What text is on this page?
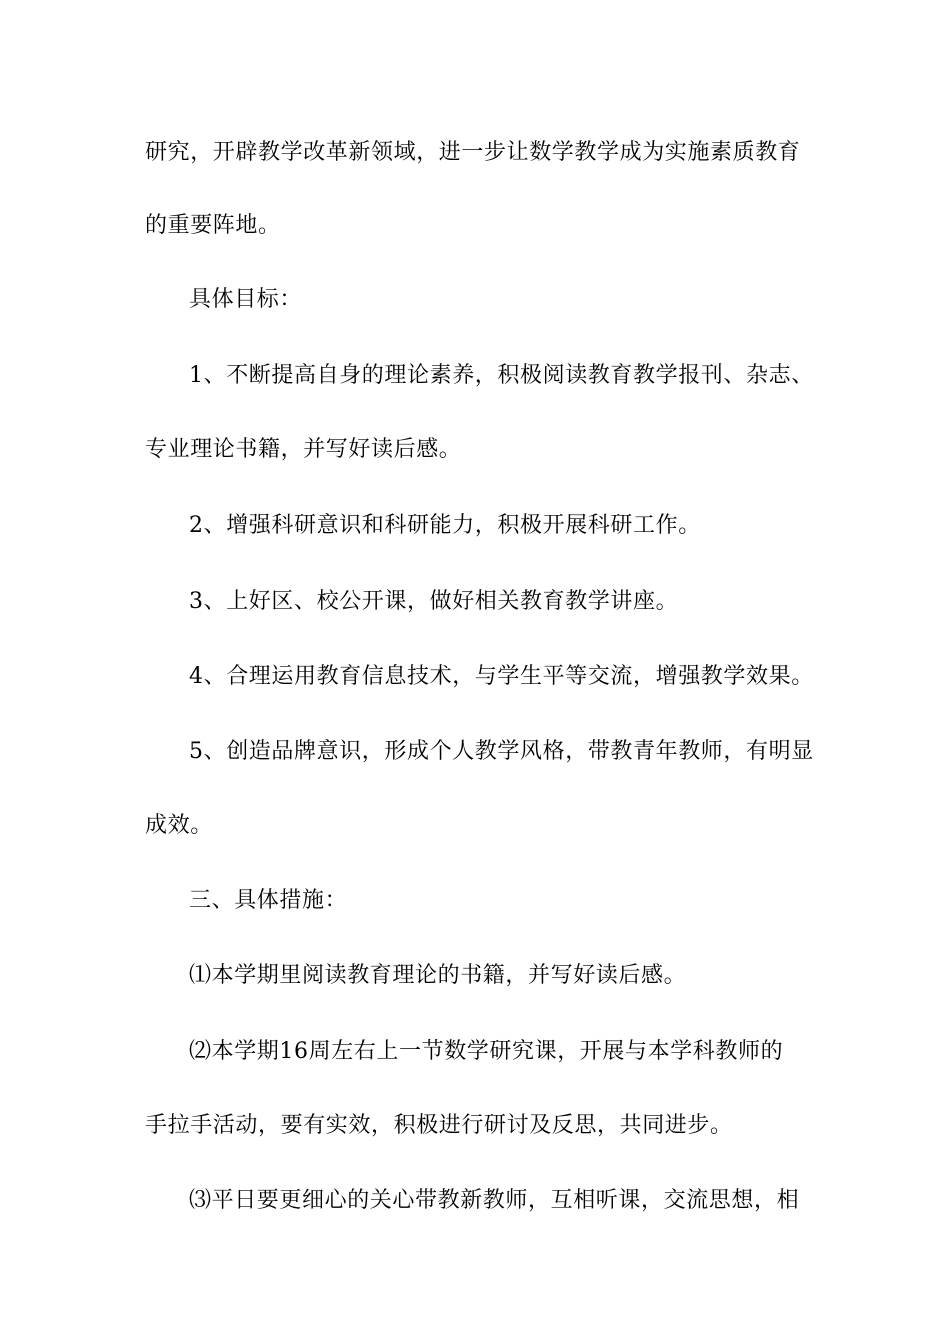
研究，开辟教学改革新领域，进一步让数学教学成为实施素质教育
的重要阵地。
具体目标：
1、不断提高自身的理论素养，积极阅读教育教学报刊、杂志、
专业理论书籍，并写好读后感。
2、增强科研意识和科研能力，积极开展科研工作。
3、上好区、校公开课，做好相关教育教学讲座。
4、合理运用教育信息技术，与学生平等交流，增强教学效果。
5、创造品牌意识，形成个人教学风格，带教青年教师，有明显
成效。
三、具体措施：
⑴本学期里阅读教育理论的书籍，并写好读后感。
⑵本学期16周左右上一节数学研究课，开展与本学科教师的
手拉手活动，要有实效，积极进行研讨及反思，共同进步。
⑶平日要更细心的关心带教新教师，互相听课，交流思想，相
